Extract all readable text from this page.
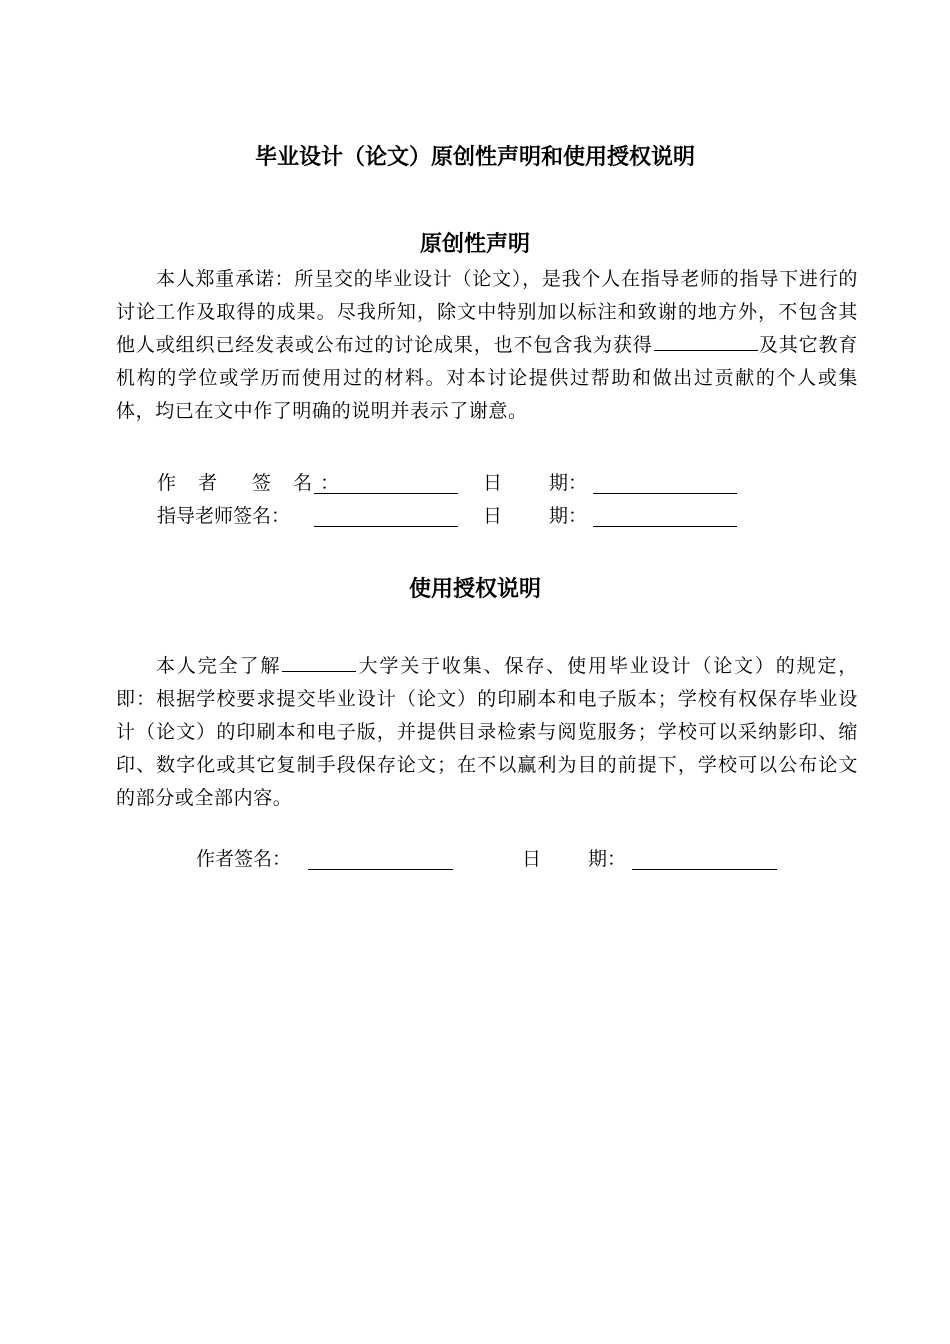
毕业设计（论文）原创性声明和使用授权说明
原创性声明

本人郑重承诺：所呈交的毕业设计（论文），是我个人在指导老师的指导下进行的讨论工作及取得的成果。尽我所知，除文中特别加以标注和致谢的地方外，不包含其他人或组织已经发表或公布过的讨论成果，也不包含我为获得	及其它教育机构的学位或学历而使用过的材料。对本讨论提供过帮助和做出过贡献的个人或集体，均已在文中作了明确的说明并表示了谢意。

作 者　签 名：	日 期：
指导老师签名：	日 期：
使用授权说明

本人完全了解	大学关于收集、保存、使用毕业设计（论文）的规定，即：根据学校要求提交毕业设计（论文）的印刷本和电子版本；学校有权保存毕业设计（论文）的印刷本和电子版，并提供目录检索与阅览服务；学校可以采纳影印、缩印、数字化或其它复制手段保存论文；在不以赢利为目的前提下，学校可以公布论文的部分或全部内容。

作者签名：	日 期：
